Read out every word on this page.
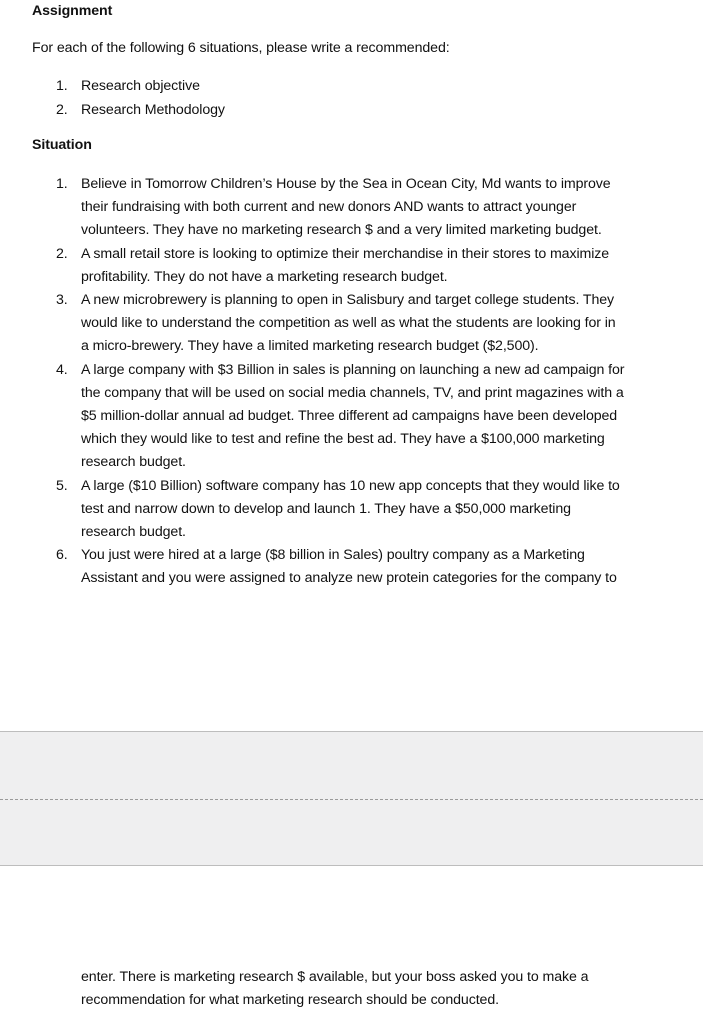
Assignment

For each of the following 6 situations, please write a recommended:

1. Research objective
2. Research Methodology

Situation

1. Believe in Tomorrow Children’s House by the Sea in Ocean City, Md wants to improve
their fundraising with both current and new donors AND wants to attract younger
volunteers. They have no marketing research $ and a very limited marketing budget.
2. A small retail store is looking to optimize their merchandise in their stores to maximize
profitability. They do not have a marketing research budget.
3. A new microbrewery is planning to open in Salisbury and target college students. They
would like to understand the competition as well as what the students are looking for in
a micro-brewery. They have a limited marketing research budget ($2,500).
4. A large company with $3 Billion in sales is planning on launching a new ad campaign for
the company that will be used on social media channels, TV, and print magazines with a
$5 million-dollar annual ad budget. Three different ad campaigns have been developed
which they would like to test and refine the best ad. They have a $100,000 marketing
research budget.
5. A large ($10 Billion) software company has 10 new app concepts that they would like to
test and narrow down to develop and launch 1. They have a $50,000 marketing
research budget.
6. You just were hired at a large ($8 billion in Sales) poultry company as a Marketing
Assistant and you were assigned to analyze new protein categories for the company to
enter. There is marketing research $ available, but your boss asked you to make a
recommendation for what marketing research should be conducted.
